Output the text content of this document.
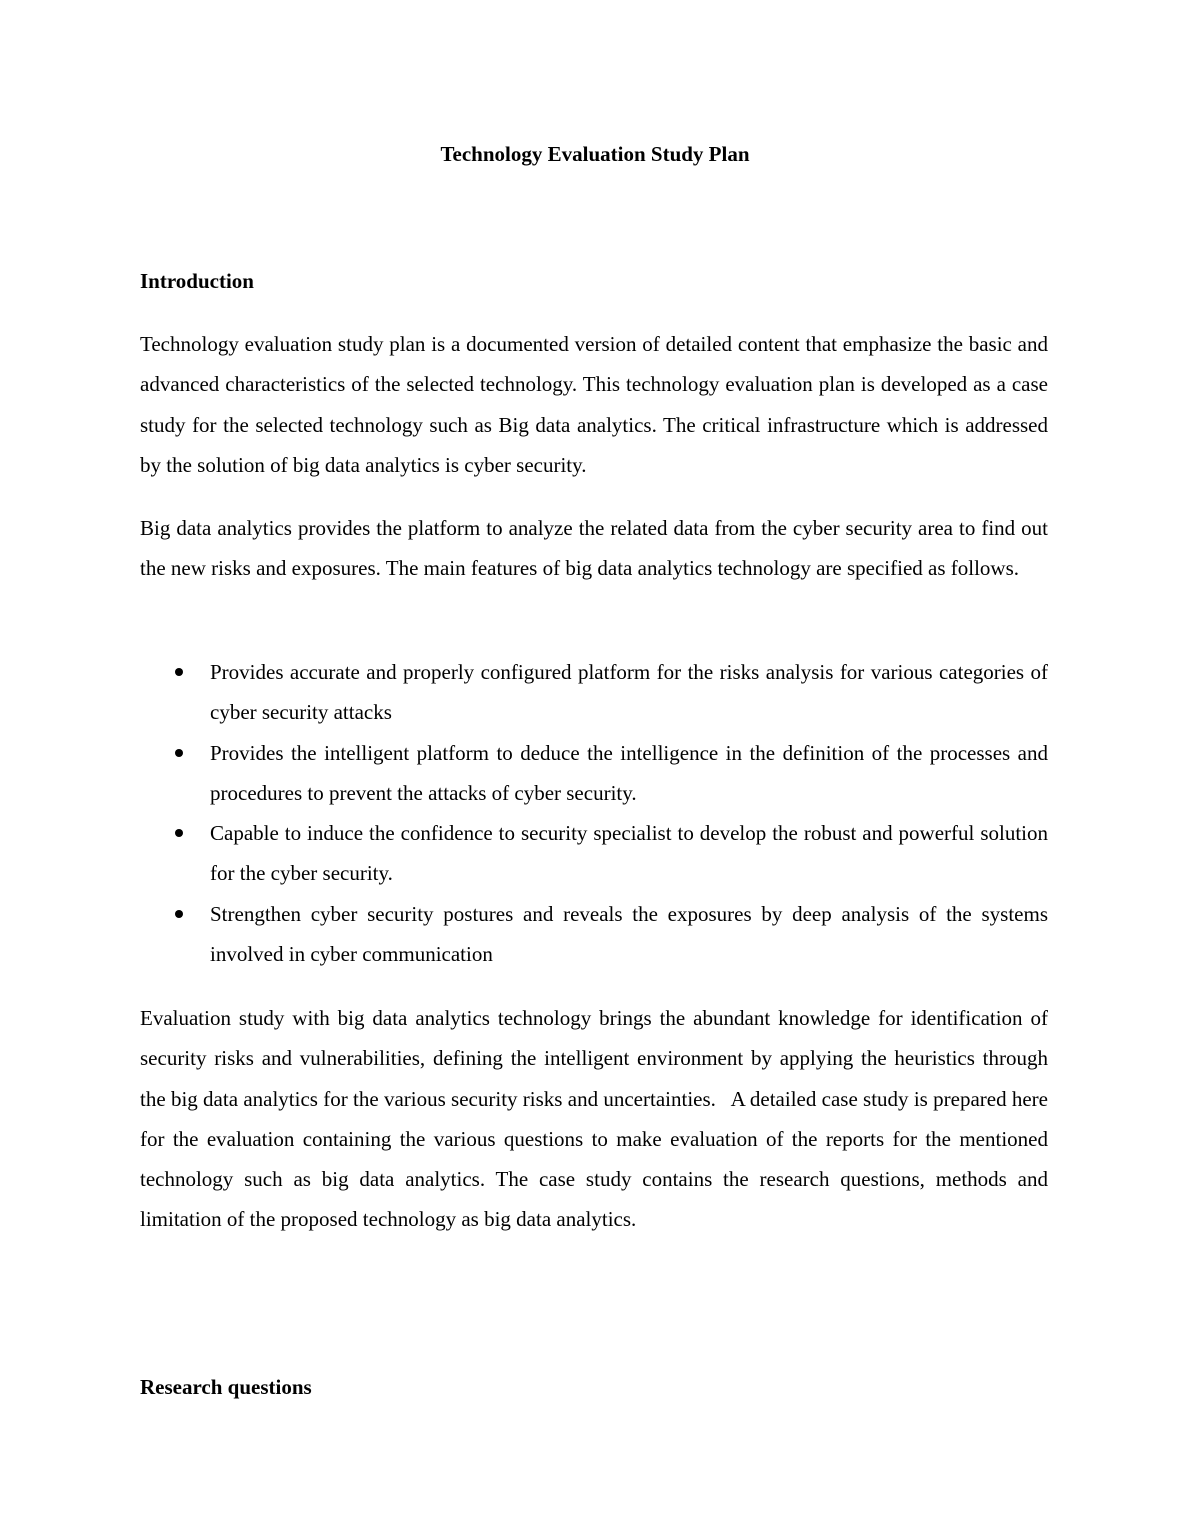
Technology Evaluation Study Plan
Introduction

Technology evaluation study plan is a documented version of detailed content that emphasize the basic and advanced characteristics of the selected technology. This technology evaluation plan is developed as a case study for the selected technology such as Big data analytics. The critical infrastructure which is addressed by the solution of big data analytics is cyber security.

Big data analytics provides the platform to analyze the related data from the cyber security area to find out the new risks and exposures. The main features of big data analytics technology are specified as follows.

Provides accurate and properly configured platform for the risks analysis for various categories of cyber security attacks
Provides the intelligent platform to deduce the intelligence in the definition of the processes and procedures to prevent the attacks of cyber security.
Capable to induce the confidence to security specialist to develop the robust and powerful solution for the cyber security.
Strengthen cyber security postures and reveals the exposures by deep analysis of the systems involved in cyber communication

Evaluation study with big data analytics technology brings the abundant knowledge for identification of security risks and vulnerabilities, defining the intelligent environment by applying the heuristics through the big data analytics for the various security risks and uncertainties.   A detailed case study is prepared here for the evaluation containing the various questions to make evaluation of the reports for the mentioned technology such as big data analytics. The case study contains the research questions, methods and limitation of the proposed technology as big data analytics.

Research questions
